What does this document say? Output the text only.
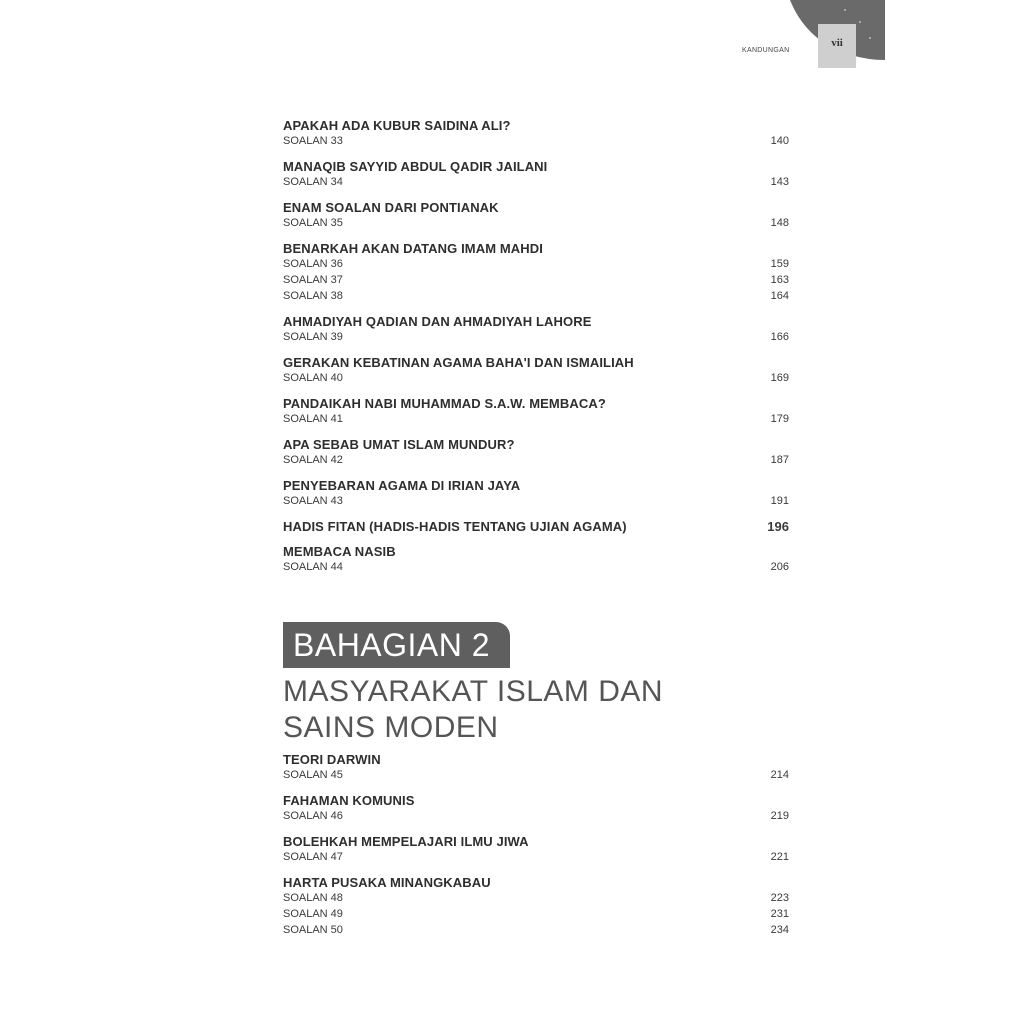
KANDUNGAN
vii
APAKAH ADA KUBUR SAIDINA ALI?
SOALAN 33	140
MANAQIB SAYYID ABDUL QADIR JAILANI
SOALAN 34	143
ENAM SOALAN DARI PONTIANAK
SOALAN 35	148
BENARKAH AKAN DATANG IMAM MAHDI
SOALAN 36	159
SOALAN 37	163
SOALAN 38	164
AHMADIYAH QADIAN DAN AHMADIYAH LAHORE
SOALAN 39	166
GERAKAN KEBATINAN AGAMA BAHA'I DAN ISMAILIAH
SOALAN 40	169
PANDAIKAH NABI MUHAMMAD S.A.W. MEMBACA?
SOALAN 41	179
APA SEBAB UMAT ISLAM MUNDUR?
SOALAN 42	187
PENYEBARAN AGAMA DI IRIAN JAYA
SOALAN 43	191
HADIS FITAN (HADIS-HADIS TENTANG UJIAN AGAMA)	196
MEMBACA NASIB
SOALAN 44	206
BAHAGIAN 2
MASYARAKAT ISLAM DAN
SAINS MODEN
TEORI DARWIN
SOALAN 45	214
FAHAMAN KOMUNIS
SOALAN 46	219
BOLEHKAH MEMPELAJARI ILMU JIWA
SOALAN 47	221
HARTA PUSAKA MINANGKABAU
SOALAN 48	223
SOALAN 49	231
SOALAN 50	234
